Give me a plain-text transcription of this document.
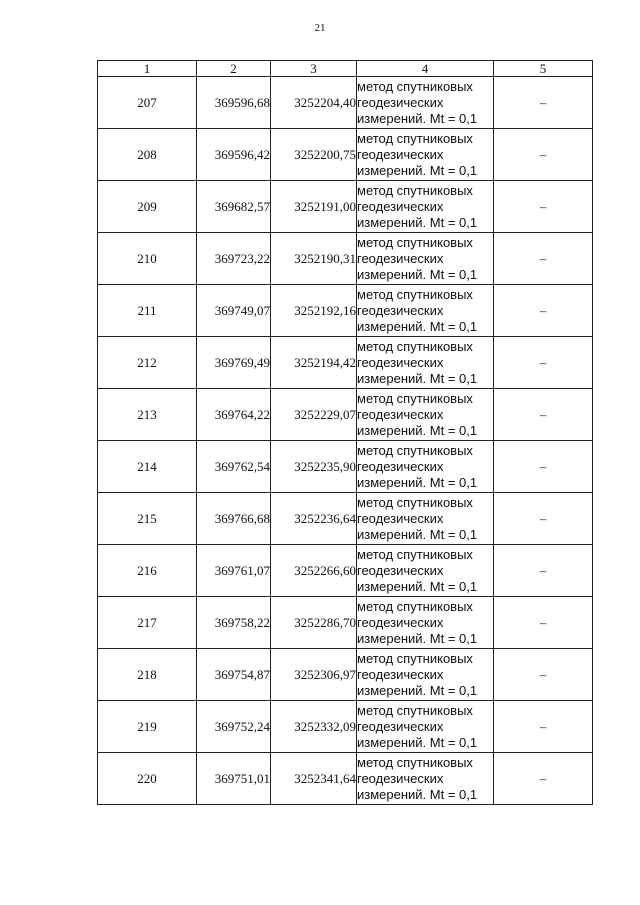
21
1	2	3	4	5
207	369596,68	3252204,40	метод спутниковых
геодезических
измерений. Mt = 0,1	–
208	369596,42	3252200,75	метод спутниковых
геодезических
измерений. Mt = 0,1	–
209	369682,57	3252191,00	метод спутниковых
геодезических
измерений. Mt = 0,1	–
210	369723,22	3252190,31	метод спутниковых
геодезических
измерений. Mt = 0,1	–
211	369749,07	3252192,16	метод спутниковых
геодезических
измерений. Mt = 0,1	–
212	369769,49	3252194,42	метод спутниковых
геодезических
измерений. Mt = 0,1	–
213	369764,22	3252229,07	метод спутниковых
геодезических
измерений. Mt = 0,1	–
214	369762,54	3252235,90	метод спутниковых
геодезических
измерений. Mt = 0,1	–
215	369766,68	3252236,64	метод спутниковых
геодезических
измерений. Mt = 0,1	–
216	369761,07	3252266,60	метод спутниковых
геодезических
измерений. Mt = 0,1	–
217	369758,22	3252286,70	метод спутниковых
геодезических
измерений. Mt = 0,1	–
218	369754,87	3252306,97	метод спутниковых
геодезических
измерений. Mt = 0,1	–
219	369752,24	3252332,09	метод спутниковых
геодезических
измерений. Mt = 0,1	–
220	369751,01	3252341,64	метод спутниковых
геодезических
измерений. Mt = 0,1	–
